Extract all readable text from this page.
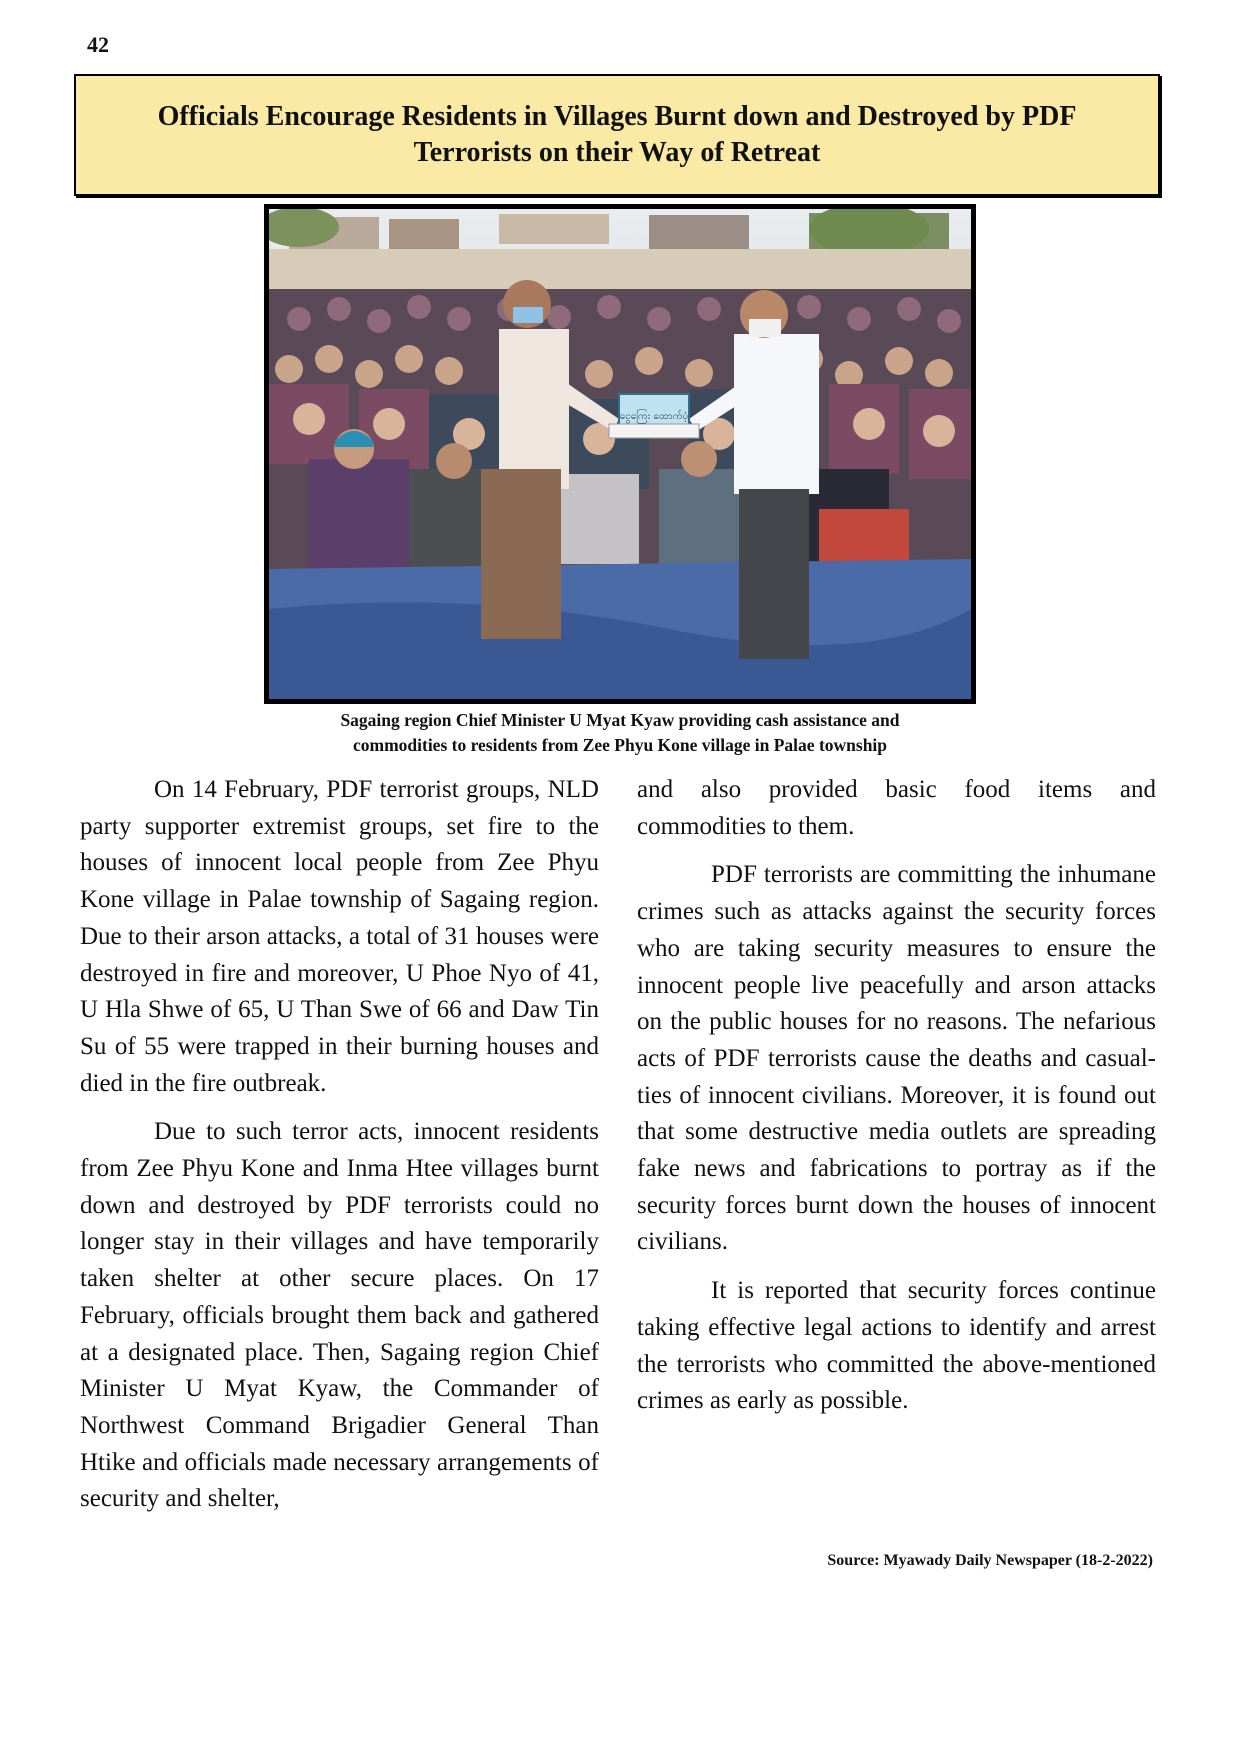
42
Officials Encourage Residents in Villages Burnt down and Destroyed by PDF Terrorists on their Way of Retreat
ငွေကြေး ထောက်ပံ့
Sagaing region Chief Minister U Myat Kyaw providing cash assistance and
commodities to residents from Zee Phyu Kone village in Palae township

On 14 February, PDF terrorist groups, NLD party supporter extremist groups, set fire to the houses of innocent local people from Zee Phyu Kone village in Palae township of Sagaing region. Due to their arson attacks, a total of 31 houses were destroyed in fire and moreover, U Phoe Nyo of 41, U Hla Shwe of 65, U Than Swe of 66 and Daw Tin Su of 55 were trapped in their burning houses and died in the fire outbreak.

Due to such terror acts, innocent residents from Zee Phyu Kone and Inma Htee villages burnt down and destroyed by PDF terrorists could no longer stay in their villages and have temporarily taken shelter at other secure places. On 17 February, officials brought them back and gathered at a designated place. Then, Sagaing region Chief Minister U Myat Kyaw, the Commander of Northwest Command Brigadier General Than Htike and officials made necessary arrangements of security and shelter,

and also provided basic food items and commodities to them.

PDF terrorists are committing the inhumane crimes such as attacks against the security forces who are taking security measures to ensure the innocent people live peacefully and arson attacks on the public houses for no reasons. The nefarious acts of PDF terrorists cause the deaths and casualties of innocent civilians. Moreover, it is found out that some destructive media outlets are spreading fake news and fabrications to portray as if the security forces burnt down the houses of innocent civilians.

It is reported that security forces continue taking effective legal actions to identify and arrest the terrorists who committed the above-mentioned crimes as early as possible.

Source: Myawady Daily Newspaper (18-2-2022)
